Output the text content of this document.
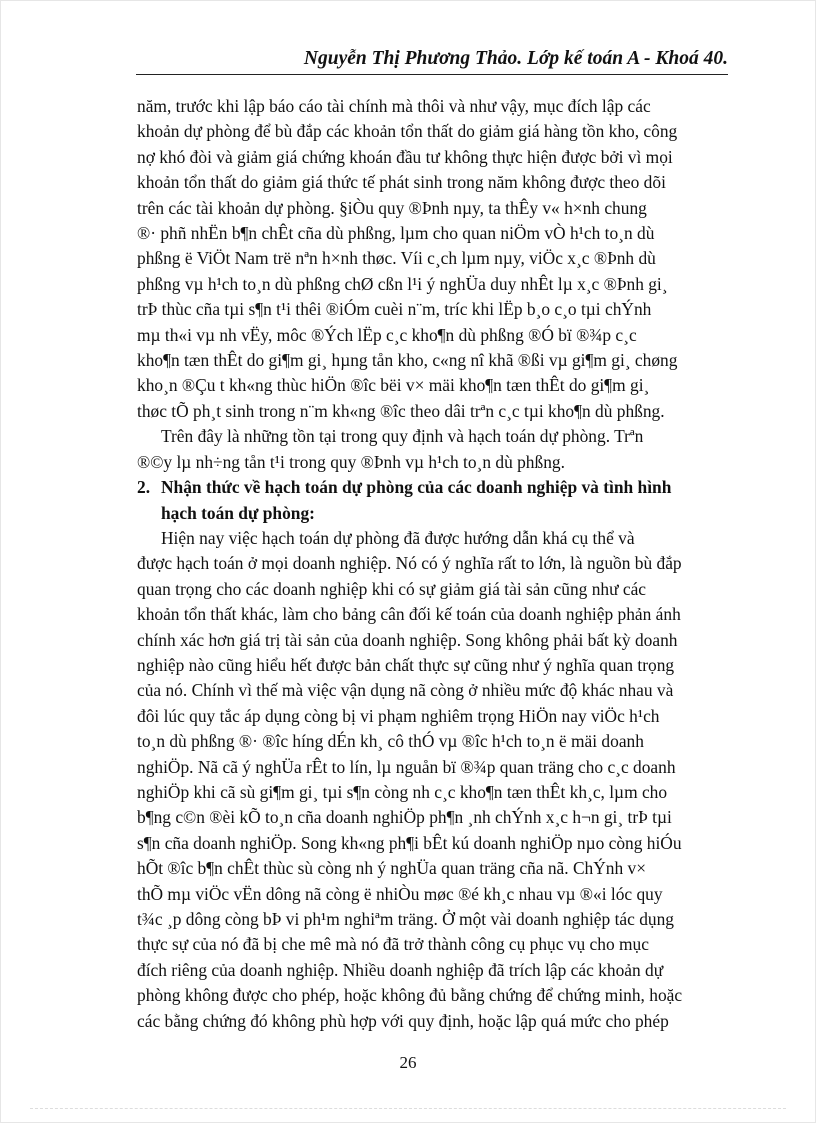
Nguyễn Thị Phương Thảo. Lớp kế toán A - Khoá 40.
năm, trước khi lập báo cáo tài chính mà thôi và như vậy, mục đích lập các
khoản dự phòng để bù đắp các khoản tổn thất do giảm giá hàng tồn kho, công
nợ khó đòi và giảm giá chứng khoán đầu tư không thực hiện được bởi vì mọi
khoản tổn thất do giảm giá thức tế phát sinh trong năm không được theo dõi
trên các tài khoản dự phòng. §iÒu quy ®Þnh nµy, ta thÊy v« h×nh chung
®· phñ nhËn b¶n chÊt cña dù phßng, lµm cho quan niÖm vÒ h¹ch to¸n dù
phßng ë ViÖt Nam trë nªn h×nh thøc. Víi c¸ch lµm nµy, viÖc x¸c ®Þnh dù
phßng vµ h¹ch to¸n dù phßng chØ cßn l¹i ý nghÜa duy nhÊt lµ x¸c ®Þnh gi¸
trÞ thùc cña tµi s¶n t¹i thêi ®iÓm cuèi n¨m, tríc khi lËp b¸o c¸o tµi chÝnh
mµ th«i vµ nh vËy, môc ®Ých lËp c¸c kho¶n dù phßng ®Ó bï ®¾p c¸c
kho¶n tæn thÊt do gi¶m gi¸ hµng tån kho, c«ng nî khã ®ßi vµ gi¶m gi¸ chøng
kho¸n ®Çu t kh«ng thùc hiÖn ®îc bëi v× mäi kho¶n tæn thÊt do gi¶m gi¸
thøc tÕ ph¸t sinh trong n¨m kh«ng ®îc theo dâi trªn c¸c tµi kho¶n dù phßng.
Trên đây là những tồn tại trong quy định và hạch toán dự phòng. Trªn
®©y lµ nh÷ng tån t¹i trong quy ®Þnh vµ h¹ch to¸n dù phßng.
2. Nhận thức về hạch toán dự phòng của các doanh nghiệp và tình hình
hạch toán dự phòng:
Hiện nay việc hạch toán dự phòng đã được hướng dẫn khá cụ thể và
được hạch toán ở mọi doanh nghiệp. Nó có ý nghĩa rất to lớn, là nguồn bù đắp
quan trọng cho các doanh nghiệp khi có sự giảm giá tài sản cũng như các
khoản tổn thất khác, làm cho bảng cân đối kế toán của doanh nghiệp phản ánh
chính xác hơn giá trị tài sản của doanh nghiệp. Song không phải bất kỳ doanh
nghiệp nào cũng hiểu hết được bản chất thực sự cũng như ý nghĩa quan trọng
của nó. Chính vì thế mà việc vận dụng nã còng ở nhiều mức độ khác nhau và
đôi lúc quy tắc áp dụng còng bị vi phạm nghiêm trọng HiÖn nay viÖc h¹ch
to¸n dù phßng ®· ®îc híng dÉn kh¸ cô thÓ vµ ®îc h¹ch to¸n ë mäi doanh
nghiÖp. Nã cã ý nghÜa rÊt to lín, lµ nguån bï ®¾p quan träng cho c¸c doanh
nghiÖp khi cã sù gi¶m gi¸ tµi s¶n còng nh c¸c kho¶n tæn thÊt kh¸c, lµm cho
b¶ng c©n ®èi kÕ to¸n cña doanh nghiÖp ph¶n ¸nh chÝnh x¸c h¬n gi¸ trÞ tµi
s¶n cña doanh nghiÖp. Song kh«ng ph¶i bÊt kú doanh nghiÖp nµo còng hiÓu
hÕt ®îc b¶n chÊt thùc sù còng nh ý nghÜa quan träng cña nã. ChÝnh v×
thÕ mµ viÖc vËn dông nã còng ë nhiÒu møc ®é kh¸c nhau vµ ®«i lóc quy
t¾c ¸p dông còng bÞ vi ph¹m nghiªm träng. Ở một vài doanh nghiệp tác dụng
thực sự của nó đã bị che mê mà nó đã trở thành công cụ phục vụ cho mục
đích riêng của doanh nghiệp. Nhiều doanh nghiệp đã trích lập các khoản dự
phòng không được cho phép, hoặc không đủ bằng chứng để chứng minh, hoặc
các bằng chứng đó không phù hợp với quy định, hoặc lập quá mức cho phép
26
